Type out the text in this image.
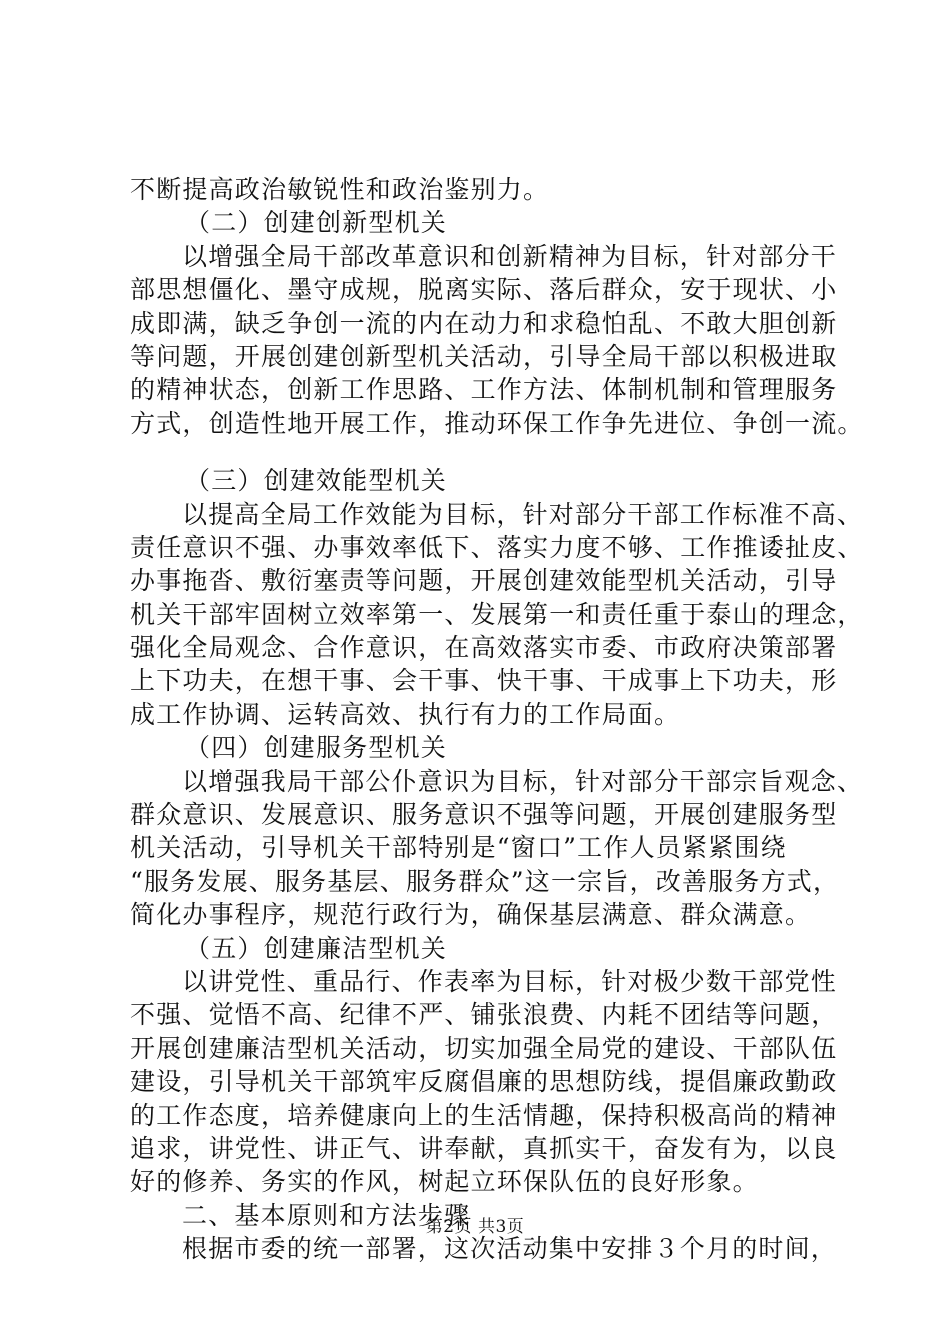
不断提高政治敏锐性和政治鉴别力。
（二）创建创新型机关
以增强全局干部改革意识和创新精神为目标，针对部分干
部思想僵化、墨守成规，脱离实际、落后群众，安于现状、小
成即满，缺乏争创一流的内在动力和求稳怕乱、不敢大胆创新
等问题，开展创建创新型机关活动，引导全局干部以积极进取
的精神状态，创新工作思路、工作方法、体制机制和管理服务
方式，创造性地开展工作，推动环保工作争先进位、争创一流。
（三）创建效能型机关
以提高全局工作效能为目标，针对部分干部工作标准不高、
责任意识不强、办事效率低下、落实力度不够、工作推诿扯皮、
办事拖沓、敷衍塞责等问题，开展创建效能型机关活动，引导
机关干部牢固树立效率第一、发展第一和责任重于泰山的理念，
强化全局观念、合作意识，在高效落实市委、市政府决策部署
上下功夫，在想干事、会干事、快干事、干成事上下功夫，形
成工作协调、运转高效、执行有力的工作局面。
（四）创建服务型机关
以增强我局干部公仆意识为目标，针对部分干部宗旨观念、
群众意识、发展意识、服务意识不强等问题，开展创建服务型
机关活动，引导机关干部特别是“窗口”工作人员紧紧围绕
“服务发展、服务基层、服务群众”这一宗旨，改善服务方式，
简化办事程序，规范行政行为，确保基层满意、群众满意。
（五）创建廉洁型机关
以讲党性、重品行、作表率为目标，针对极少数干部党性
不强、觉悟不高、纪律不严、铺张浪费、内耗不团结等问题，
开展创建廉洁型机关活动，切实加强全局党的建设、干部队伍
建设，引导机关干部筑牢反腐倡廉的思想防线，提倡廉政勤政
的工作态度，培养健康向上的生活情趣，保持积极高尚的精神
追求，讲党性、讲正气、讲奉献，真抓实干，奋发有为，以良
好的修养、务实的作风，树起立环保队伍的良好形象。
二、基本原则和方法步骤
根据市委的统一部署，这次活动集中安排３个月的时间，
第2页 共3页
